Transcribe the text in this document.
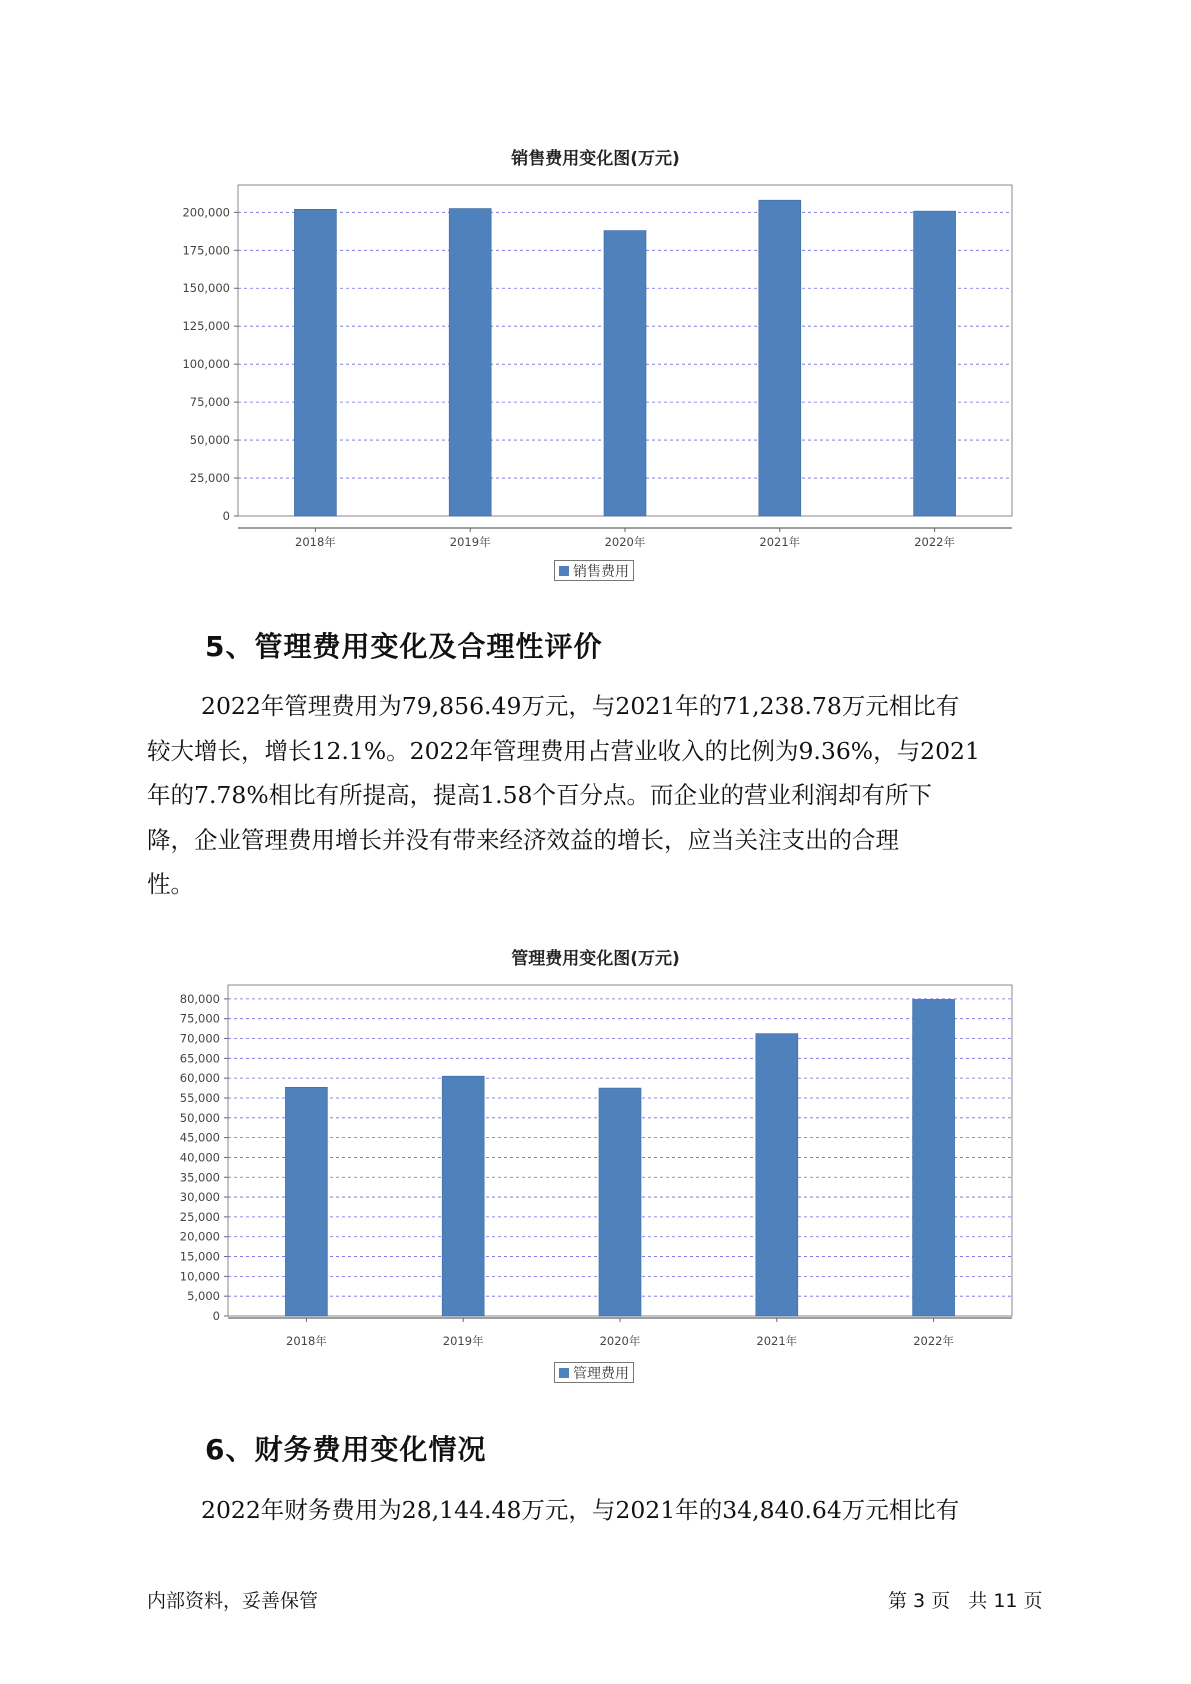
销售费用变化图(万元)
0
25,000
50,000
75,000
100,000
125,000
150,000
175,000
200,000
2018年	2019年	2020年	2021年	2022年
销售费用
5、管理费用变化及合理性评价
2022年管理费用为79,856.49万元，与2021年的71,238.78万元相比有
较大增长，增长12.1%。2022年管理费用占营业收入的比例为9.36%，与2021
年的7.78%相比有所提高，提高1.58个百分点。而企业的营业利润却有所下
降，企业管理费用增长并没有带来经济效益的增长，应当关注支出的合理
性。
管理费用变化图(万元)
0
5,000
10,000
15,000
20,000
25,000
30,000
35,000
40,000
45,000
50,000
55,000
60,000
65,000
70,000
75,000
80,000
2018年	2019年	2020年	2021年	2022年
管理费用
6、财务费用变化情况
2022年财务费用为28,144.48万元，与2021年的34,840.64万元相比有
内部资料，妥善保管	第 3 页   共 11 页
